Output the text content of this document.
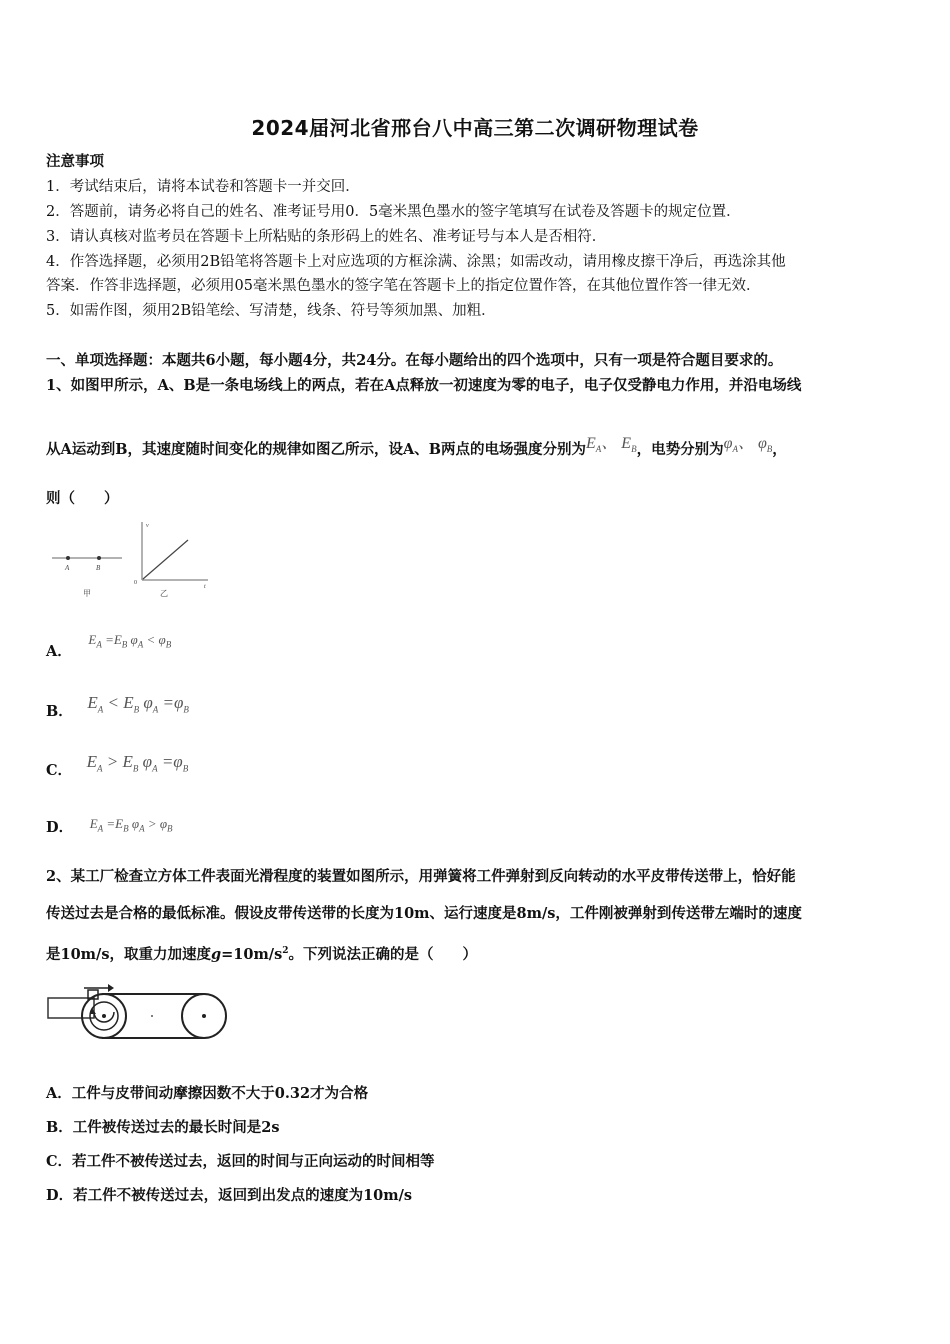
2024届河北省邢台八中高三第二次调研物理试卷
注意事项
1．考试结束后，请将本试卷和答题卡一并交回．
2．答题前，请务必将自己的姓名、准考证号用0．5毫米黑色墨水的签字笔填写在试卷及答题卡的规定位置．
3．请认真核对监考员在答题卡上所粘贴的条形码上的姓名、准考证号与本人是否相符．
4．作答选择题，必须用2B铅笔将答题卡上对应选项的方框涂满、涂黑；如需改动，请用橡皮擦干净后，再选涂其他
答案．作答非选择题，必须用05毫米黑色墨水的签字笔在答题卡上的指定位置作答，在其他位置作答一律无效．
5．如需作图，须用2B铅笔绘、写清楚，线条、符号等须加黑、加粗．
一、单项选择题：本题共6小题，每小题4分，共24分。在每小题给出的四个选项中，只有一项是符合题目要求的。
1、如图甲所示，A、B是一条电场线上的两点，若在A点释放一初速度为零的电子，电子仅受静电力作用，并沿电场线
从A运动到B，其速度随时间变化的规律如图乙所示，设A、B两点的电场强度分别为$E_A$、 $E_B$，电势分别为$\varphi_A$、 $\varphi_B$，
则（　　）
A	B
甲
v
t
0
乙
A． $E_A =E_B$ $\varphi_A < \varphi_B$
B． $E_A < E_B$ $\varphi_A =\varphi_B$
C． $E_A > E_B$ $\varphi_A =\varphi_B$
D． $E_A =E_B$ $\varphi_A > \varphi_B$
2、某工厂检查立方体工件表面光滑程度的装置如图所示，用弹簧将工件弹射到反向转动的水平皮带传送带上，恰好能
传送过去是合格的最低标准。假设皮带传送带的长度为10m、运行速度是8m/s，工件刚被弹射到传送带左端时的速度
是10m/s，取重力加速度$g=10m/s^2$。下列说法正确的是（　　）
A．工件与皮带间动摩擦因数不大于0.32才为合格
B．工件被传送过去的最长时间是2s
C．若工件不被传送过去，返回的时间与正向运动的时间相等
D．若工件不被传送过去，返回到出发点的速度为10m/s
